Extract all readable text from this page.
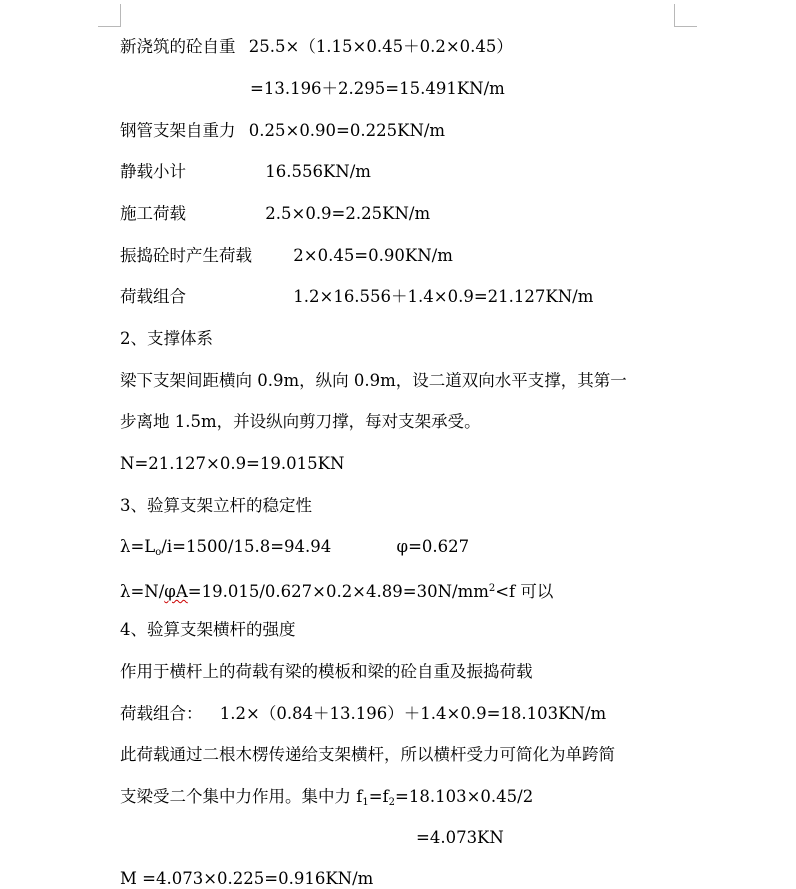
新浇筑的砼自重 25.5×（1.15×0.45＋0.2×0.45）
=13.196＋2.295=15.491KN/m
钢管支架自重力 0.25×0.90=0.225KN/m
静载小计	16.556KN/m
施工荷载	2.5×0.9=2.25KN/m
振捣砼时产生荷载	2×0.45=0.90KN/m
荷载组合	1.2×16.556＋1.4×0.9=21.127KN/m
2、支撑体系
梁下支架间距横向 0.9m，纵向 0.9m，设二道双向水平支撑，其第一
步离地 1.5m，并设纵向剪刀撑，每对支架承受。
N=21.127×0.9=19.015KN
3、验算支架立杆的稳定性
$\lambda=L_o/i=1500/15.8=94.94$	φ=0.627
$\lambda=N/\varphi A=19.015/0.627\times 0.2\times 4.89=30N/mm^2<f$ 可以
4、验算支架横杆的强度
作用于横杆上的荷载有梁的模板和梁的砼自重及振捣荷载
荷载组合： 1.2×（0.84＋13.196）＋1.4×0.9=18.103KN/m
此荷载通过二根木楞传递给支架横杆，所以横杆受力可简化为单跨简
支梁受二个集中力作用。集中力 $f_1=f_2=18.103\times 0.45/2$
=4.073KN
M =4.073×0.225=0.916KN/m
